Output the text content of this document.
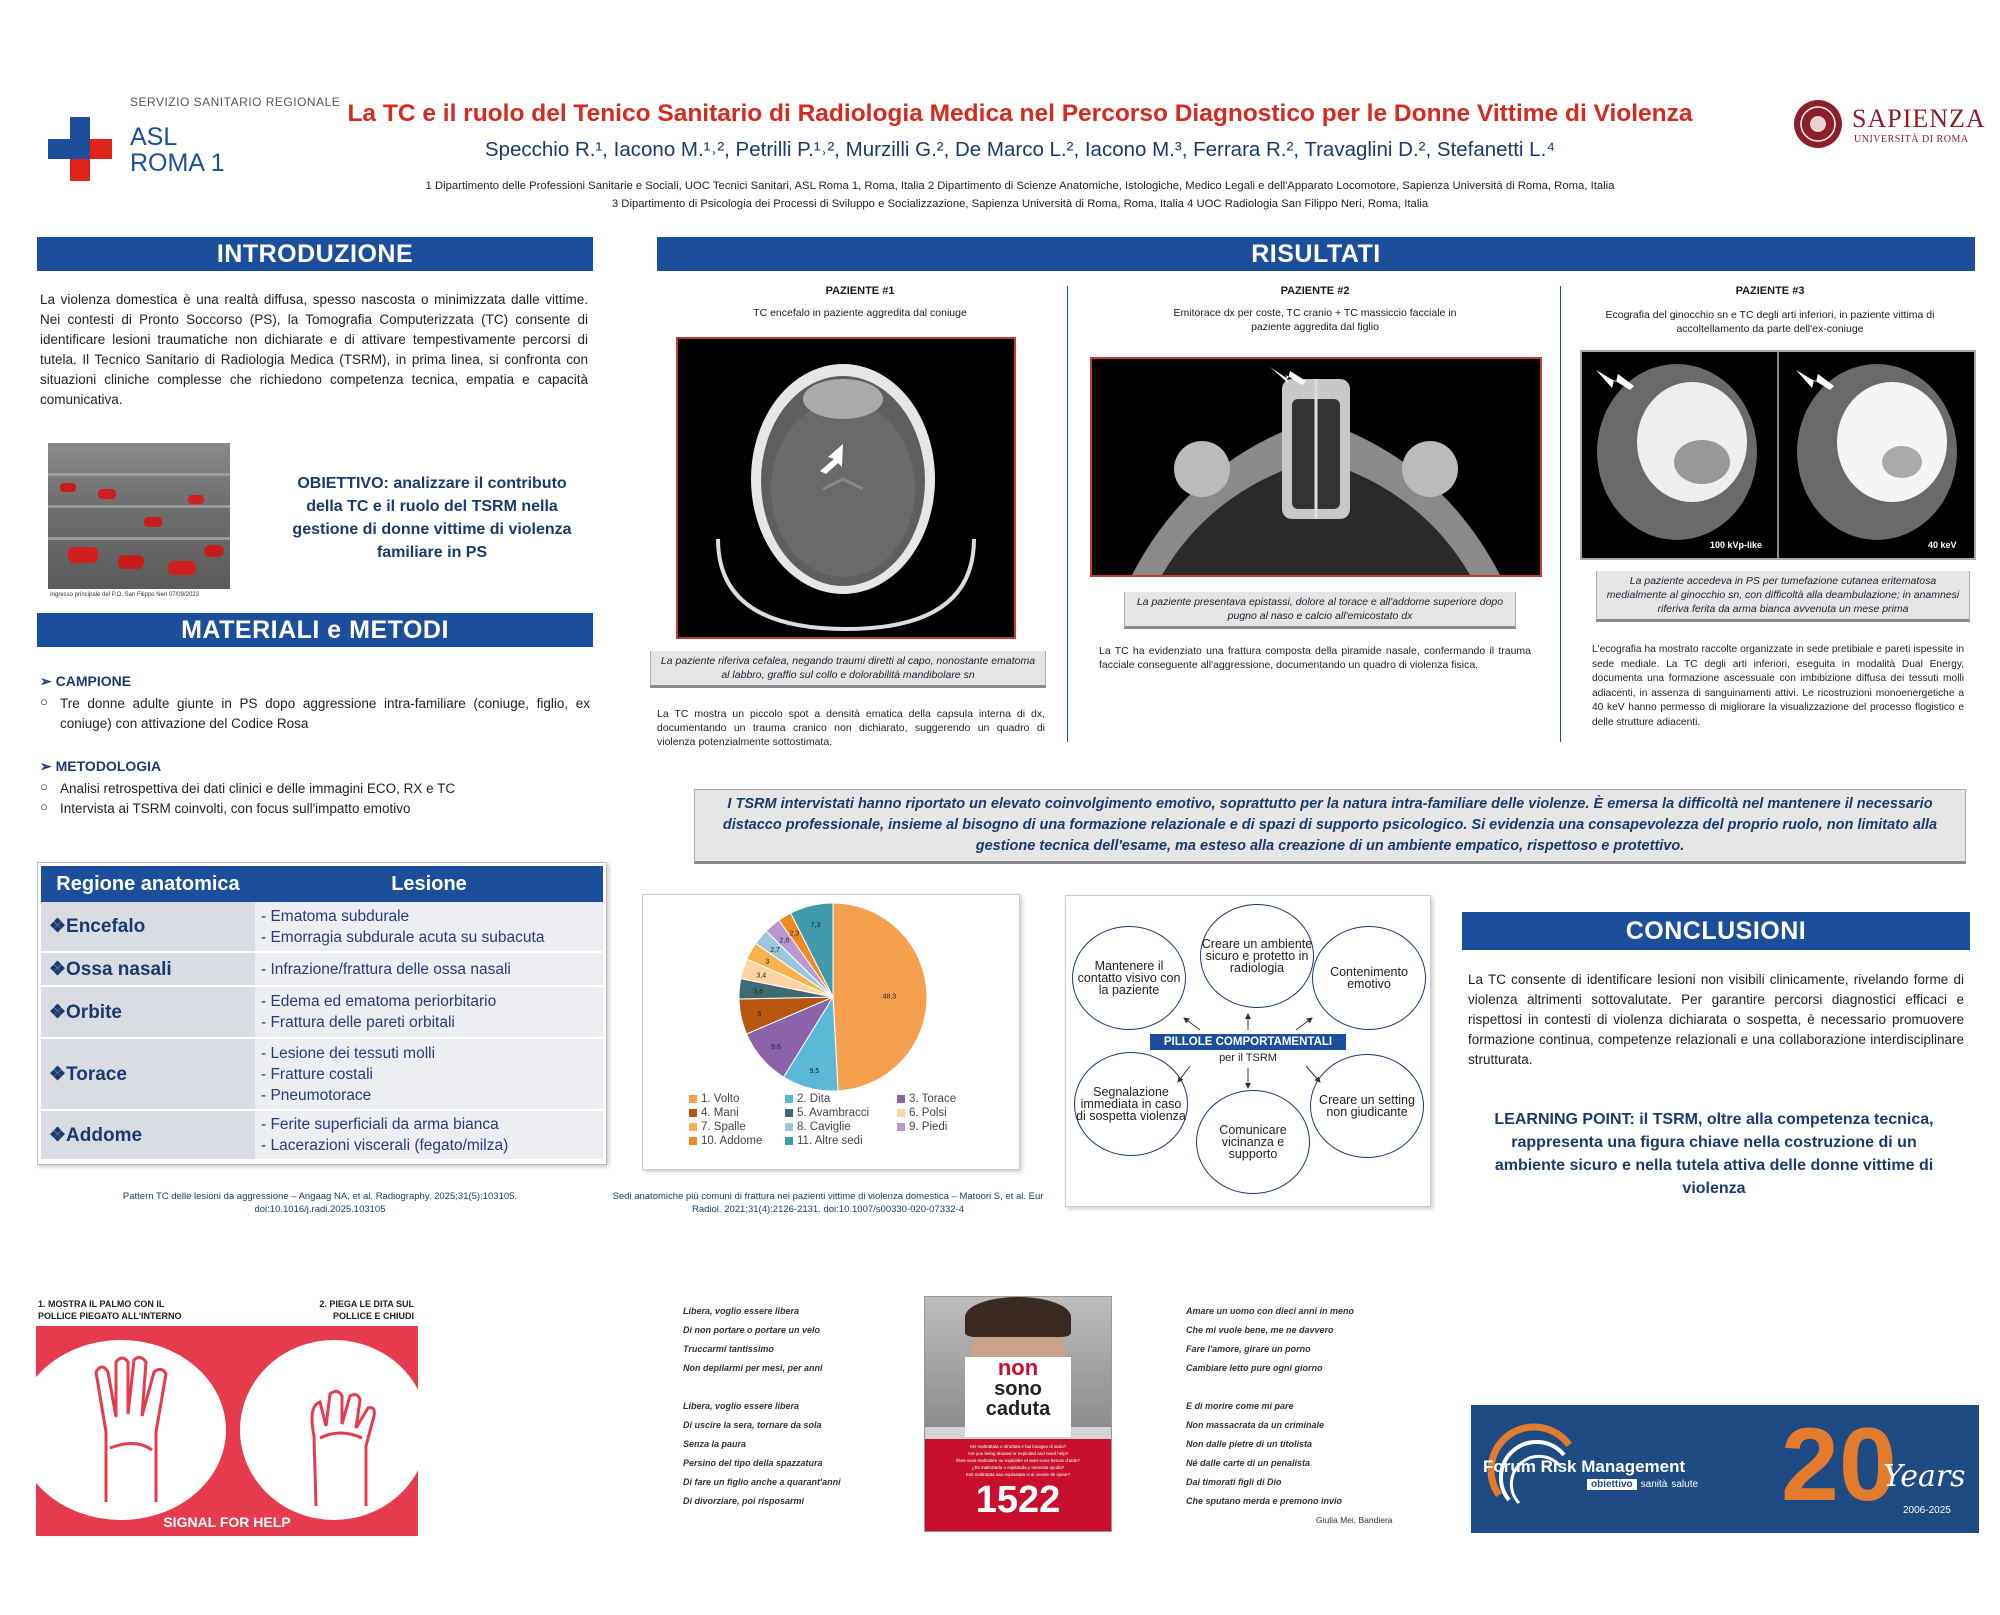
SERVIZIO SANITARIO REGIONALE
ASL
ROMA 1
La TC e il ruolo del Tenico Sanitario di Radiologia Medica nel Percorso Diagnostico per le Donne Vittime di Violenza
Specchio R.¹, Iacono M.¹˒², Petrilli P.¹˒², Murzilli G.², De Marco L.², Iacono M.³, Ferrara R.², Travaglini D.², Stefanetti L.⁴
1 Dipartimento delle Professioni Sanitarie e Sociali, UOC Tecnici Sanitari, ASL Roma 1, Roma, Italia 2 Dipartimento di Scienze Anatomiche, Istologiche, Medico Legali e dell'Apparato Locomotore, Sapienza Università di Roma, Roma, Italia
3 Dipartimento di Psicologia dei Processi di Sviluppo e Socializzazione, Sapienza Università di Roma, Roma, Italia 4 UOC Radiologia San Filippo Neri, Roma, Italia
SAPIENZA
UNIVERSITÀ DI ROMA
INTRODUZIONE
La violenza domestica è una realtà diffusa, spesso nascosta o minimizzata dalle vittime. Nei contesti di Pronto Soccorso (PS), la Tomografia Computerizzata (TC) consente di identificare lesioni traumatiche non dichiarate e di attivare tempestivamente percorsi di tutela. Il Tecnico Sanitario di Radiologia Medica (TSRM), in prima linea, si confronta con situazioni cliniche complesse che richiedono competenza tecnica, empatia e capacità comunicativa.
Ingresso principale del P.O. San Filippo Neri 07/09/2023
OBIETTIVO: analizzare il contributo della TC e il ruolo del TSRM nella gestione di donne vittime di violenza familiare in PS
MATERIALI e METODI
➢ CAMPIONE
○ Tre donne adulte giunte in PS dopo aggressione intra-familiare (coniuge, figlio, ex coniuge) con attivazione del Codice Rosa
➢ METODOLOGIA
○ Analisi retrospettiva dei dati clinici e delle immagini ECO, RX e TC
○ Intervista ai TSRM coinvolti, con focus sull'impatto emotivo
Regione anatomica	Lesione
❖Encefalo	- Ematoma subdurale
- Emorragia subdurale acuta su subacuta

❖Ossa nasali	- Infrazione/frattura delle ossa nasali

❖Orbite	- Edema ed ematoma periorbitario
- Frattura delle pareti orbitali

❖Torace	- Lesione dei tessuti molli
- Fratture costali
- Pneumotorace

❖Addome	- Ferite superficiali da arma bianca
- Lacerazioni viscerali (fegato/milza)
Pattern TC delle lesioni da aggressione – Angaag NA, et al. Radiography. 2025;31(5):103105. doi:10.1016/j.radi.2025.103105
RISULTATI
PAZIENTE #1
TC encefalo in paziente aggredita dal coniuge
La paziente riferiva cefalea, negando traumi diretti al capo, nonostante ematoma al labbro, graffio sul collo e dolorabilità mandibolare sn
La TC mostra un piccolo spot a densità ematica della capsula interna di dx, documentando un trauma cranico non dichiarato, suggerendo un quadro di violenza potenzialmente sottostimata.
PAZIENTE #2
Emitorace dx per coste, TC cranio + TC massiccio facciale in paziente aggredita dal figlio
La paziente presentava epistassi, dolore al torace e all'addome superiore dopo pugno al naso e calcio all'emicostato dx
La TC ha evidenziato una frattura composta della piramide nasale, confermando il trauma facciale conseguente all'aggressione, documentando un quadro di violenza fisica.
PAZIENTE #3
Ecografia del ginocchio sn e TC degli arti inferiori, in paziente vittima di accoltellamento da parte dell'ex-coniuge
100 kVp-like	40 keV
La paziente accedeva in PS per tumefazione cutanea eritematosa medialmente al ginocchio sn, con difficoltà alla deambulazione; in anamnesi riferiva ferita da arma bianca avvenuta un mese prima
L'ecografia ha mostrato raccolte organizzate in sede pretibiale e pareti ispessite in sede mediale. La TC degli arti inferiori, eseguita in modalità Dual Energy, documenta una formazione ascessuale con imbibizione diffusa dei tessuti molli adiacenti, in assenza di sanguinamenti attivi. Le ricostruzioni monoenergetiche a 40 keV hanno permesso di migliorare la visualizzazione del processo flogistico e delle strutture adiacenti.
I TSRM intervistati hanno riportato un elevato coinvolgimento emotivo, soprattutto per la natura intra-familiare delle violenze. È emersa la difficoltà nel mantenere il necessario distacco professionale, insieme al bisogno di una formazione relazionale e di spazi di supporto psicologico. Si evidenzia una consapevolezza del proprio ruolo, non limitato alla gestione tecnica dell'esame, ma esteso alla creazione di un ambiente empatico, rispettoso e protettivo.
48,3
9,5
9,6
6
3,4
3,4
3
2,7
2,8
2,3
7,3
1. Volto	2. Dita	3. Torace
4. Mani	5. Avambracci	6. Polsi
7. Spalle	8. Caviglie	9. Piedi
10. Addome	11. Altre sedi
Sedi anatomiche più comuni di frattura nei pazienti vittime di violenza domestica – Matoori S, et al. Eur Radiol. 2021;31(4):2126-2131. doi:10.1007/s00330-020-07332-4
Creare un ambiente sicuro e protetto in radiologia	Contenimento emotivo
Creare un setting non giudicante
Comunicare vicinanza e supporto
Segnalazione immediata in caso di sospetta violenza
Mantenere il contatto visivo con la paziente
PILLOLE COMPORTAMENTALI
per il TSRM
CONCLUSIONI
La TC consente di identificare lesioni non visibili clinicamente, rivelando forme di violenza altrimenti sottovalutate. Per garantire percorsi diagnostici efficaci e rispettosi in contesti di violenza dichiarata o sospetta, è necessario promuovere formazione continua, competenze relazionali e una collaborazione interdisciplinare strutturata.
LEARNING POINT: il TSRM, oltre alla competenza tecnica, rappresenta una figura chiave nella costruzione di un ambiente sicuro e nella tutela attiva delle donne vittime di violenza
1. MOSTRA IL PALMO CON IL POLLICE PIEGATO ALL'INTERNO
2. PIEGA LE DITA SUL POLLICE E CHIUDI
SIGNAL FOR HELP
Libera, voglio essere libera
Di non portare o portare un velo
Truccarmi tantissimo
Non depilarmi per mesi, per anni
Libera, voglio essere libera
Di uscire la sera, tornare da sola
Senza la paura
Persino del tipo della spazzatura
Di fare un figlio anche a quarant'anni
Di divorziare, poi risposarmi
non
sono
caduta
Sei maltrattata o sfruttata e hai bisogno di aiuto?
Are you being abused or exploited and need help?
Êtes-vous maltraitée ou exploitée et avez-vous besoin d'aide?
¿Es maltratada o explotada y necesita ayuda?
Esti maltratata sau exploatata si ai nevoie de ajutor?
1522
Amare un uomo con dieci anni in meno
Che mi vuole bene, me ne davvero
Fare l'amore, girare un porno
Cambiare letto pure ogni giorno
E di morire come mi pare
Non massacrata da un criminale
Non dalle pietre di un titolista
Né dalle carte di un penalista
Dai timorati figli di Dio
Che sputano merda e premono invio
Giulia Mei, Bandiera
Forum Risk Management
obiettivo sanità salute 20
Years
2006-2025
